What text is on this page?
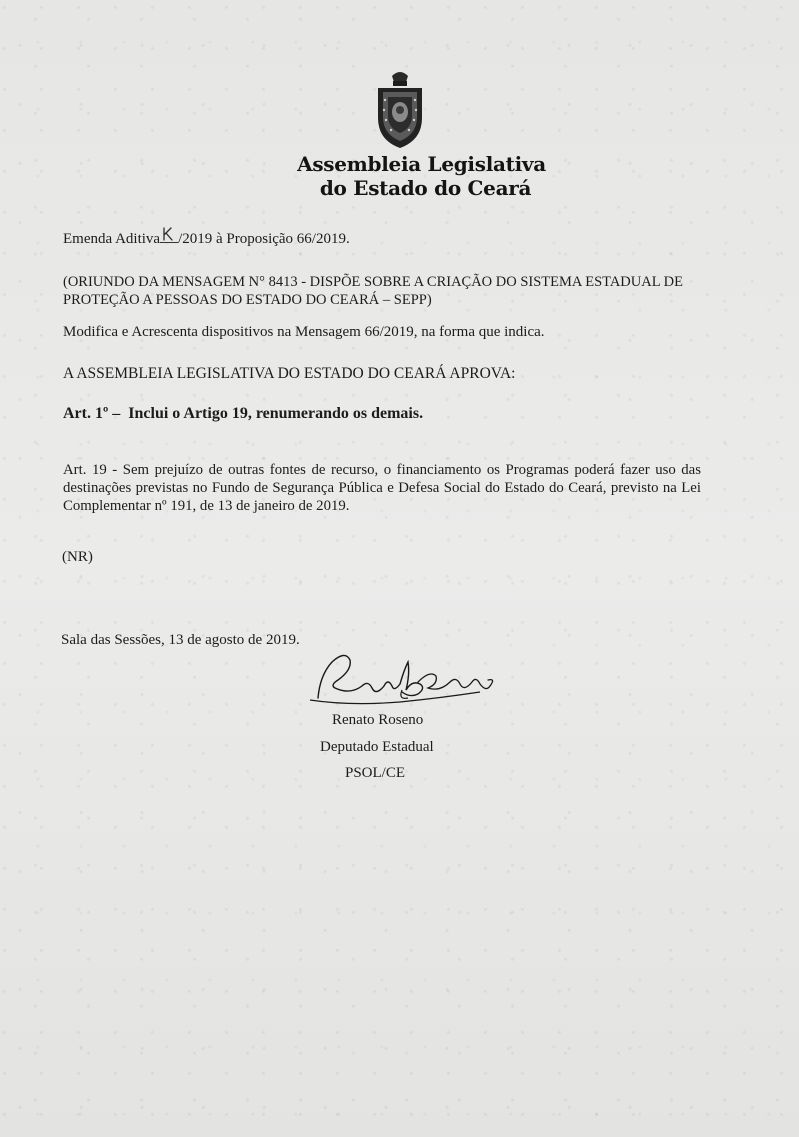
Assembleia Legislativa
do Estado do Ceará
Emenda Aditiva /2019 à Proposição 66/2019.
(ORIUNDO DA MENSAGEM N° 8413 - DISPÕE SOBRE A CRIAÇÃO DO SISTEMA ESTADUAL DE PROTEÇÃO A PESSOAS DO ESTADO DO CEARÁ – SEPP)
Modifica e Acrescenta dispositivos na Mensagem 66/2019, na forma que indica.
A ASSEMBLEIA LEGISLATIVA DO ESTADO DO CEARÁ APROVA:
Art. 1º – Inclui o Artigo 19, renumerando os demais.
Art. 19 - Sem prejuízo de outras fontes de recurso, o financiamento os Programas poderá fazer uso das destinações previstas no Fundo de Segurança Pública e Defesa Social do Estado do Ceará, previsto na Lei Complementar nº 191, de 13 de janeiro de 2019.
(NR)
Sala das Sessões, 13 de agosto de 2019.
Renato Roseno
Deputado Estadual
PSOL/CE
